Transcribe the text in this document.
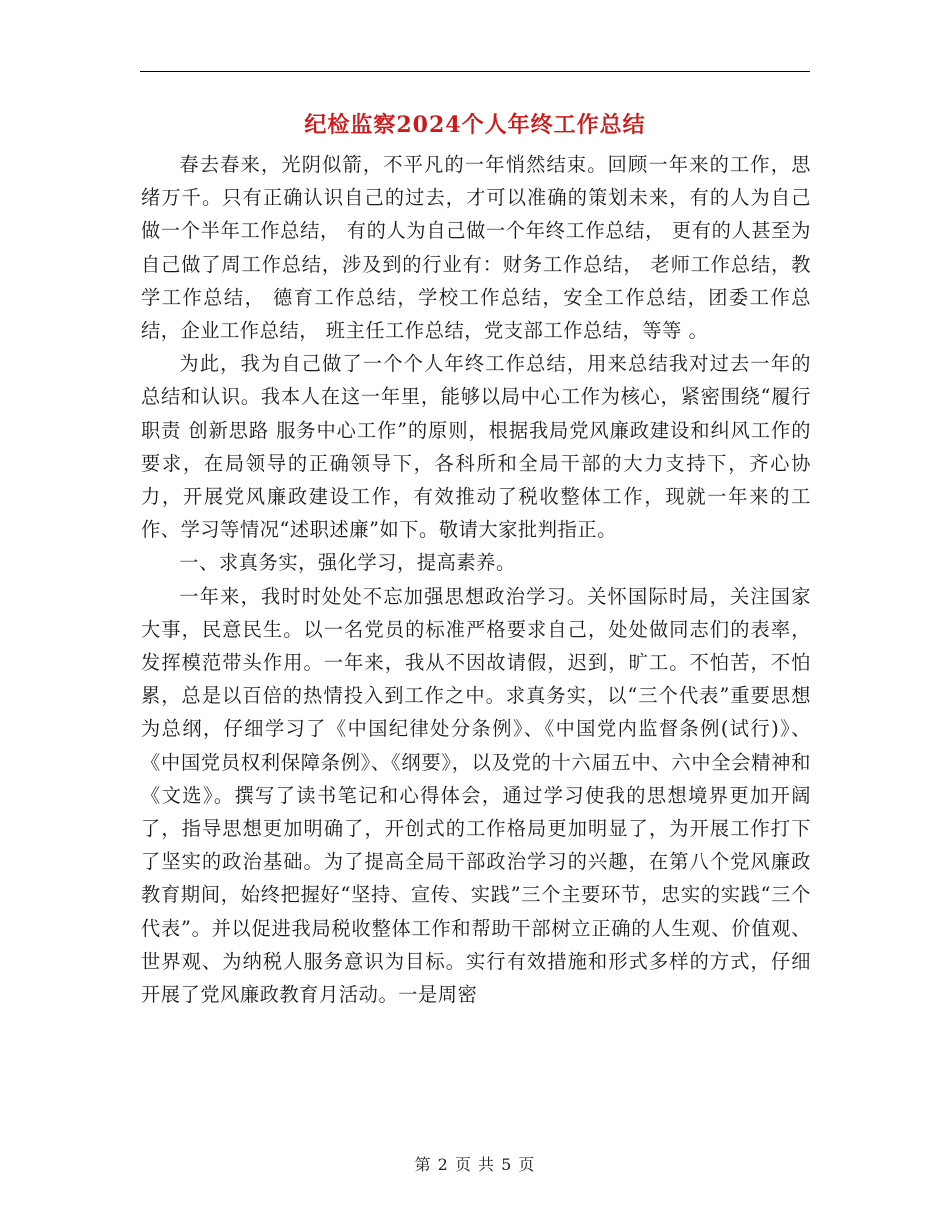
纪检监察2024个人年终工作总结

春去春来，光阴似箭，不平凡的一年悄然结束。回顾一年来的工作，思绪万千。只有正确认识自己的过去，才可以准确的策划未来，有的人为自己做一个半年工作总结， 有的人为自己做一个年终工作总结， 更有的人甚至为自己做了周工作总结，涉及到的行业有：财务工作总结， 老师工作总结，教学工作总结， 德育工作总结，学校工作总结，安全工作总结，团委工作总结，企业工作总结， 班主任工作总结，党支部工作总结，等等 。

为此，我为自己做了一个个人年终工作总结，用来总结我对过去一年的总结和认识。我本人在这一年里，能够以局中心工作为核心，紧密围绕“履行职责 创新思路 服务中心工作”的原则，根据我局党风廉政建设和纠风工作的要求，在局领导的正确领导下，各科所和全局干部的大力支持下，齐心协力，开展党风廉政建设工作，有效推动了税收整体工作，现就一年来的工作、学习等情况“述职述廉”如下。敬请大家批判指正。

一、求真务实，强化学习，提高素养。

一年来，我时时处处不忘加强思想政治学习。关怀国际时局，关注国家大事，民意民生。以一名党员的标准严格要求自己，处处做同志们的表率，发挥模范带头作用。一年来，我从不因故请假，迟到，旷工。不怕苦，不怕累，总是以百倍的热情投入到工作之中。求真务实，以“三个代表”重要思想为总纲，仔细学习了《中国纪律处分条例》、《中国党内监督条例(试行)》、《中国党员权利保障条例》、《纲要》，以及党的十六届五中、六中全会精神和《文选》。撰写了读书笔记和心得体会，通过学习使我的思想境界更加开阔了，指导思想更加明确了，开创式的工作格局更加明显了，为开展工作打下了坚实的政治基础。为了提高全局干部政治学习的兴趣，在第八个党风廉政教育期间，始终把握好“坚持、宣传、实践”三个主要环节，忠实的实践“三个代表”。并以促进我局税收整体工作和帮助干部树立正确的人生观、价值观、世界观、为纳税人服务意识为目标。实行有效措施和形式多样的方式，仔细开展了党风廉政教育月活动。一是周密

第 2 页 共 5 页
